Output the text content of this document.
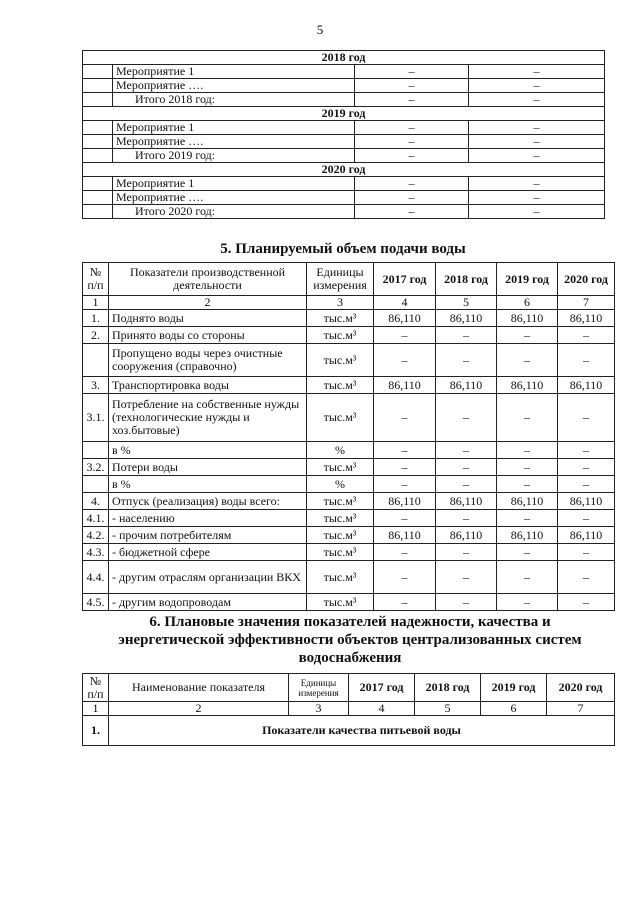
5
2018 год			
	Мероприятие 1	–	–
	Мероприятие ….	–	–
	Итого 2018 год:	–	–
2019 год			
	Мероприятие 1	–	–
	Мероприятие ….	–	–
	Итого 2019 год:	–	–
2020 год			
	Мероприятие 1	–	–
	Мероприятие ….	–	–
	Итого 2020 год:	–	–
5. Планируемый объем подачи воды
№ п/п	Показатели производственной деятельности	Единицы измерения	2017 год	2018 год	2019 год	2020 год
1	2	3	4	5	6	7
1.	Поднято воды	тыс.м³	86,110	86,110	86,110	86,110
2.	Принято воды со стороны	тыс.м³	–	–	–	–
	Пропущено воды через очистные сооружения (справочно)	тыс.м³	–	–	–	–
3.	Транспортировка воды	тыс.м³	86,110	86,110	86,110	86,110
3.1.	Потребление на собственные нужды (технологические нужды и хоз.бытовые)	тыс.м³	–	–	–	–
	в %	%	–	–	–	–
3.2.	Потери воды	тыс.м³	–	–	–	–
	в %	%	–	–	–	–
4.	Отпуск (реализация) воды всего:	тыс.м³	86,110	86,110	86,110	86,110
4.1.	- населению	тыс.м³	–	–	–	–
4.2.	- прочим потребителям	тыс.м³	86,110	86,110	86,110	86,110
4.3.	- бюджетной сфере	тыс.м³	–	–	–	–
4.4.	- другим отраслям организации ВКХ	тыс.м³	–	–	–	–
4.5.	- другим водопроводам	тыс.м³	–	–	–	–
6. Плановые значения показателей надежности, качества и энергетической эффективности объектов централизованных систем водоснабжения
№ п/п	Наименование показателя	Единицы измерения	2017 год	2018 год	2019 год	2020 год
1	2	3	4	5	6	7
1.	Показатели качества питьевой воды					
